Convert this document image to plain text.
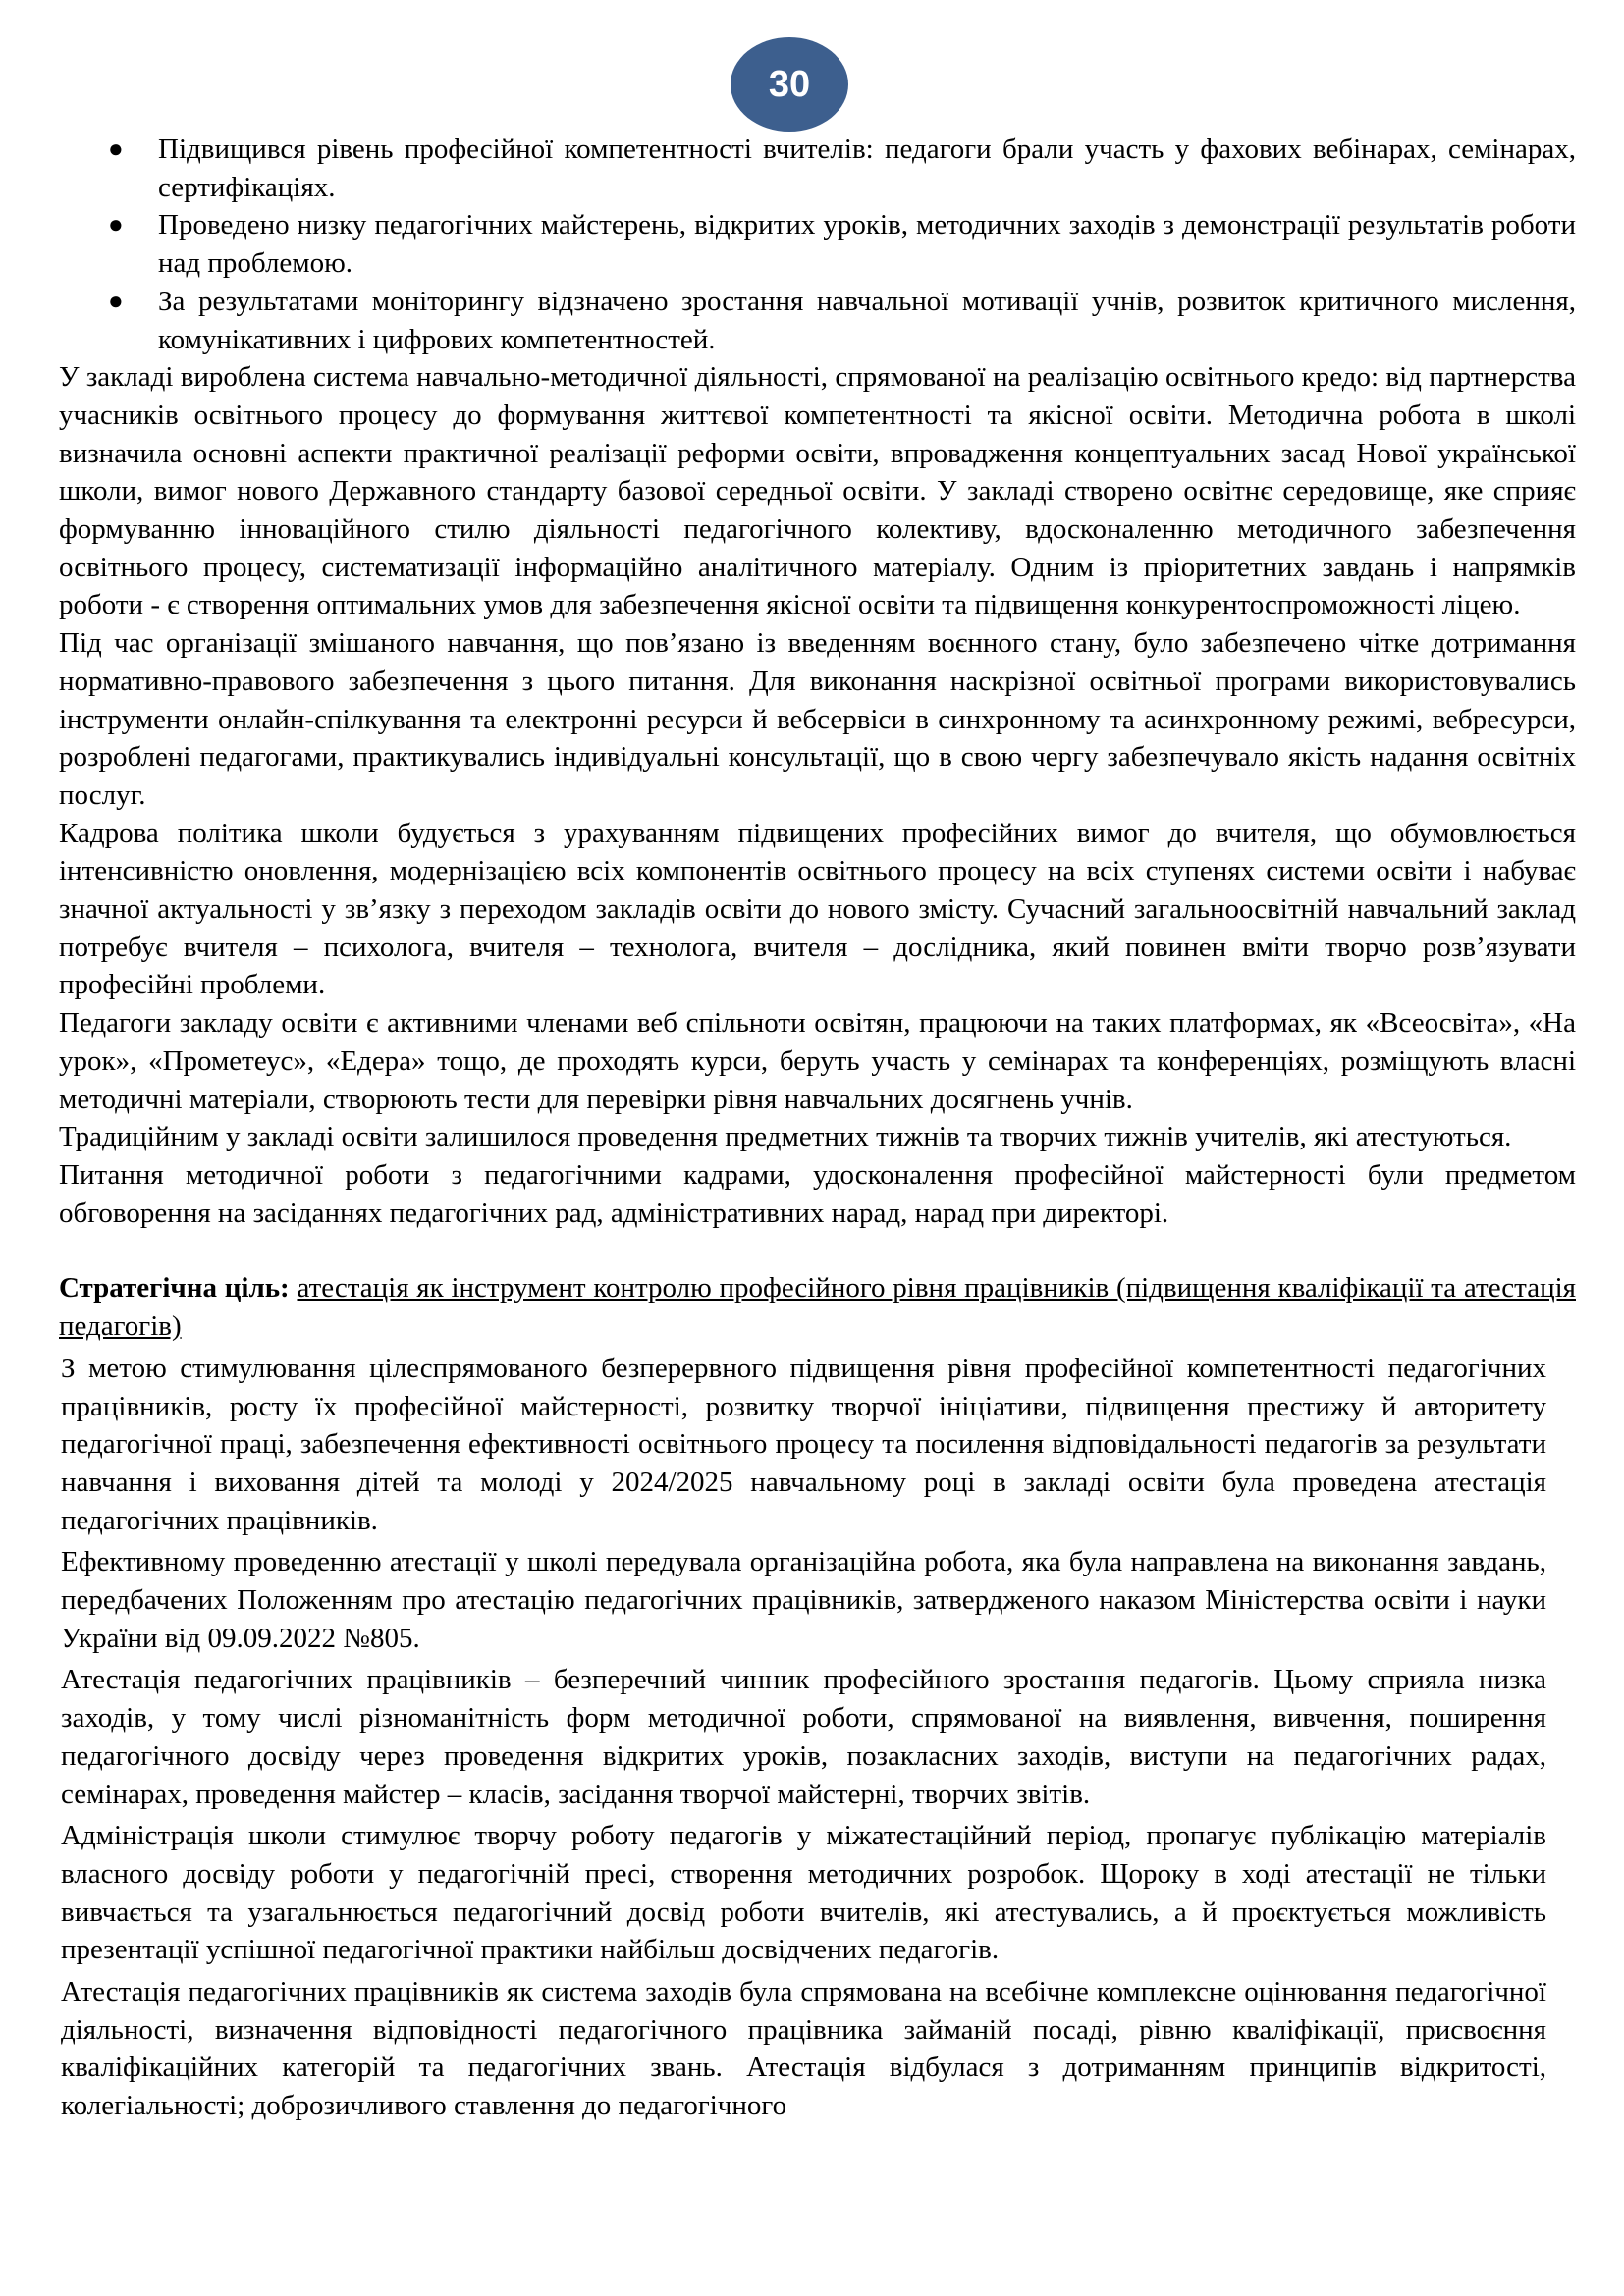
30
● Підвищився рівень професійної компетентності вчителів: педагоги брали участь у фахових вебінарах, семінарах, сертифікаціях.
● Проведено низку педагогічних майстерень, відкритих уроків, методичних заходів з демонстрації результатів роботи над проблемою.
● За результатами моніторингу відзначено зростання навчальної мотивації учнів, розвиток критичного мислення, комунікативних і цифрових компетентностей.

У закладі вироблена система навчально-методичної діяльності, спрямованої на реалізацію освітнього кредо: від партнерства учасників освітнього процесу до формування життєвої компетентності та якісної освіти. Методична робота в школі визначила основні аспекти практичної реалізації реформи освіти, впровадження концептуальних засад Нової української школи, вимог нового Державного стандарту базової середньої освіти. У закладі створено освітнє середовище, яке сприяє формуванню інноваційного стилю діяльності педагогічного колективу, вдосконаленню методичного забезпечення освітнього процесу, систематизації інформаційно аналітичного матеріалу. Одним із пріоритетних завдань і напрямків роботи - є створення оптимальних умов для забезпечення якісної освіти та підвищення конкурентоспроможності ліцею.

Під час організації змішаного навчання, що пов’язано із введенням воєнного стану, було забезпечено чітке дотримання нормативно-правового забезпечення з цього питання. Для виконання наскрізної освітньої програми використовувались інструменти онлайн-спілкування та електронні ресурси й вебсервіси в синхронному та асинхронному режимі, вебресурси, розроблені педагогами, практикувались індивідуальні консультації, що в свою чергу забезпечувало якість надання освітніх послуг.

Кадрова політика школи будується з урахуванням підвищених професійних вимог до вчителя, що обумовлюється інтенсивністю оновлення, модернізацією всіх компонентів освітнього процесу на всіх ступенях системи освіти і набуває значної актуальності у зв’язку з переходом закладів освіти до нового змісту. Сучасний загальноосвітній навчальний заклад потребує вчителя – психолога, вчителя – технолога, вчителя – дослідника, який повинен вміти творчо розв’язувати професійні проблеми.

Педагоги закладу освіти є активними членами веб спільноти освітян, працюючи на таких платформах, як «Всеосвіта», «На урок», «Прометеус», «Едера» тощо, де проходять курси, беруть участь у семінарах та конференціях, розміщують власні методичні матеріали, створюють тести для перевірки рівня навчальних досягнень учнів.

Традиційним у закладі освіти залишилося проведення предметних тижнів та творчих тижнів учителів, які атестуються.

Питання методичної роботи з педагогічними кадрами, удосконалення професійної майстерності були предметом обговорення на засіданнях педагогічних рад, адміністративних нарад, нарад при директорі.

Стратегічна ціль: атестація як інструмент контролю професійного рівня працівників (підвищення кваліфікації та атестація педагогів)

З метою стимулювання цілеспрямованого безперервного підвищення рівня професійної компетентності педагогічних працівників, росту їх професійної майстерності, розвитку творчої ініціативи, підвищення престижу й авторитету педагогічної праці, забезпечення ефективності освітнього процесу та посилення відповідальності педагогів за результати навчання і виховання дітей та молоді у 2024/2025 навчальному році в закладі освіти була проведена атестація педагогічних працівників.

Ефективному проведенню атестації у школі передувала організаційна робота, яка була направлена на виконання завдань, передбачених Положенням про атестацію педагогічних працівників, затвердженого наказом Міністерства освіти і науки України від 09.09.2022 №805.

Атестація педагогічних працівників – безперечний чинник професійного зростання педагогів. Цьому сприяла низка заходів, у тому числі різноманітність форм методичної роботи, спрямованої на виявлення, вивчення, поширення педагогічного досвіду через проведення відкритих уроків, позакласних заходів, виступи на педагогічних радах, семінарах, проведення майстер – класів, засідання творчої майстерні, творчих звітів.

Адміністрація школи стимулює творчу роботу педагогів у міжатестаційний період, пропагує публікацію матеріалів власного досвіду роботи у педагогічній пресі, створення методичних розробок. Щороку в ході атестації не тільки вивчається та узагальнюється педагогічний досвід роботи вчителів, які атестувались, а й проєктується можливість презентації успішної педагогічної практики найбільш досвідчених педагогів.

Атестація педагогічних працівників як система заходів була спрямована на всебічне комплексне оцінювання педагогічної діяльності, визначення відповідності педагогічного працівника займаній посаді, рівню кваліфікації, присвоєння кваліфікаційних категорій та педагогічних звань. Атестація відбулася з дотриманням принципів відкритості, колегіальності; доброзичливого ставлення до педагогічного
